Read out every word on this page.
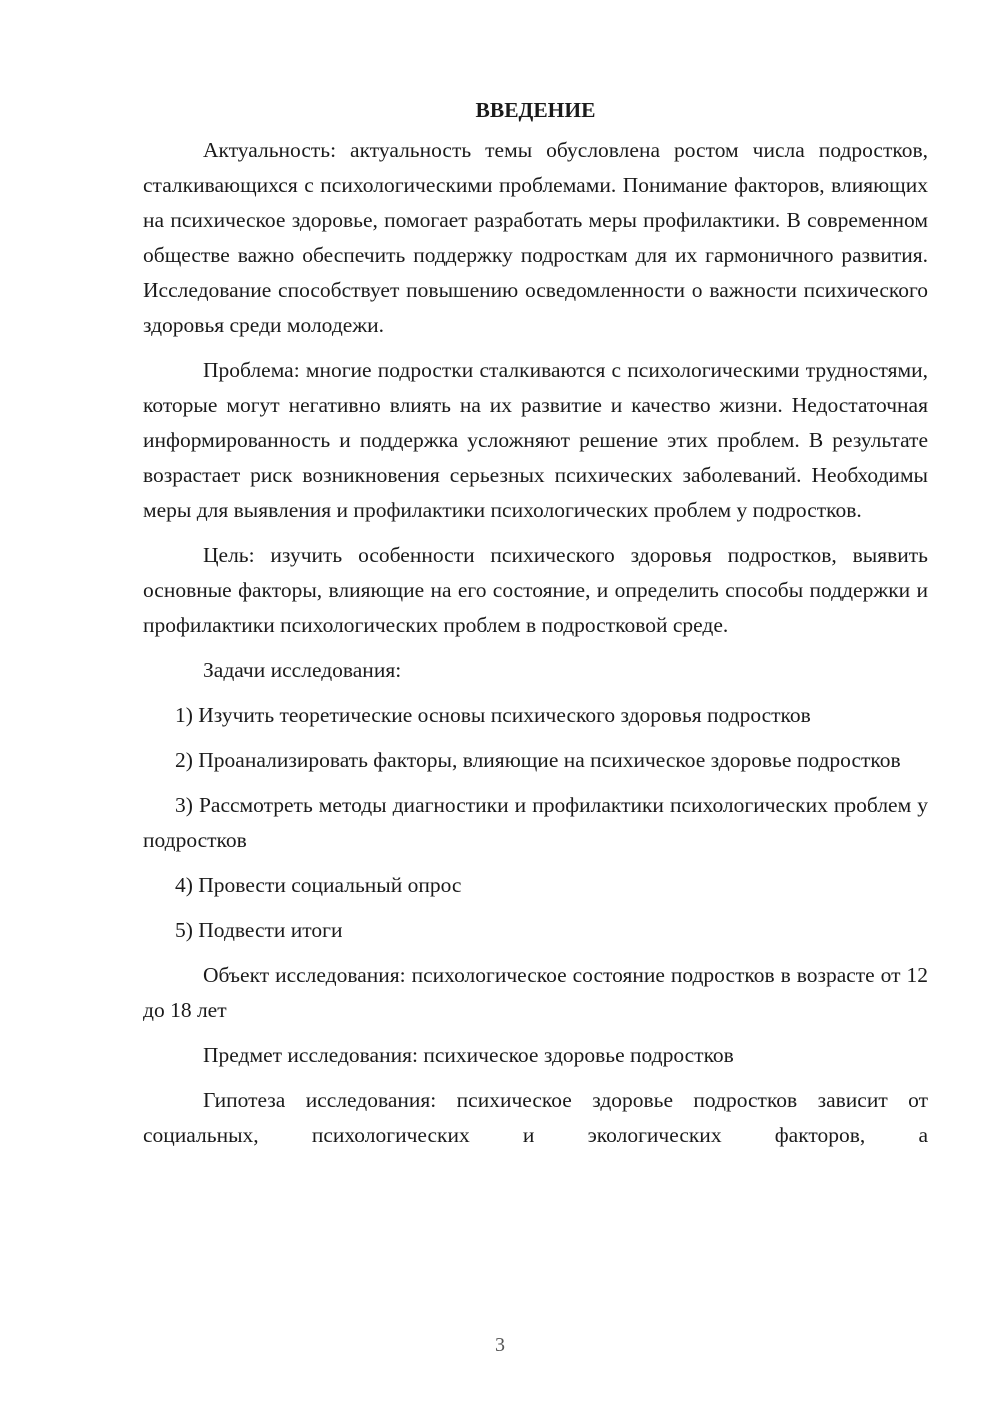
ВВЕДЕНИЕ

Актуальность: актуальность темы обусловлена ростом числа подростков, сталкивающихся с психологическими проблемами. Понимание факторов, влияющих на психическое здоровье, помогает разработать меры профилактики. В современном обществе важно обеспечить поддержку подросткам для их гармоничного развития. Исследование способствует повышению осведомленности о важности психического здоровья среди молодежи.

Проблема: многие подростки сталкиваются с психологическими трудностями, которые могут негативно влиять на их развитие и качество жизни. Недостаточная информированность и поддержка усложняют решение этих проблем. В результате возрастает риск возникновения серьезных психических заболеваний. Необходимы меры для выявления и профилактики психологических проблем у подростков.

Цель: изучить особенности психического здоровья подростков, выявить основные факторы, влияющие на его состояние, и определить способы поддержки и профилактики психологических проблем в подростковой среде.

Задачи исследования:

1) Изучить теоретические основы психического здоровья подростков

2) Проанализировать факторы, влияющие на психическое здоровье подростков

3) Рассмотреть методы диагностики и профилактики психологических проблем у подростков

4) Провести социальный опрос

5) Подвести итоги

Объект исследования: психологическое состояние подростков в возрасте от 12 до 18 лет

Предмет исследования: психическое здоровье подростков

Гипотеза исследования: психическое здоровье подростков зависит от социальных, психологических и экологических факторов, а

3
